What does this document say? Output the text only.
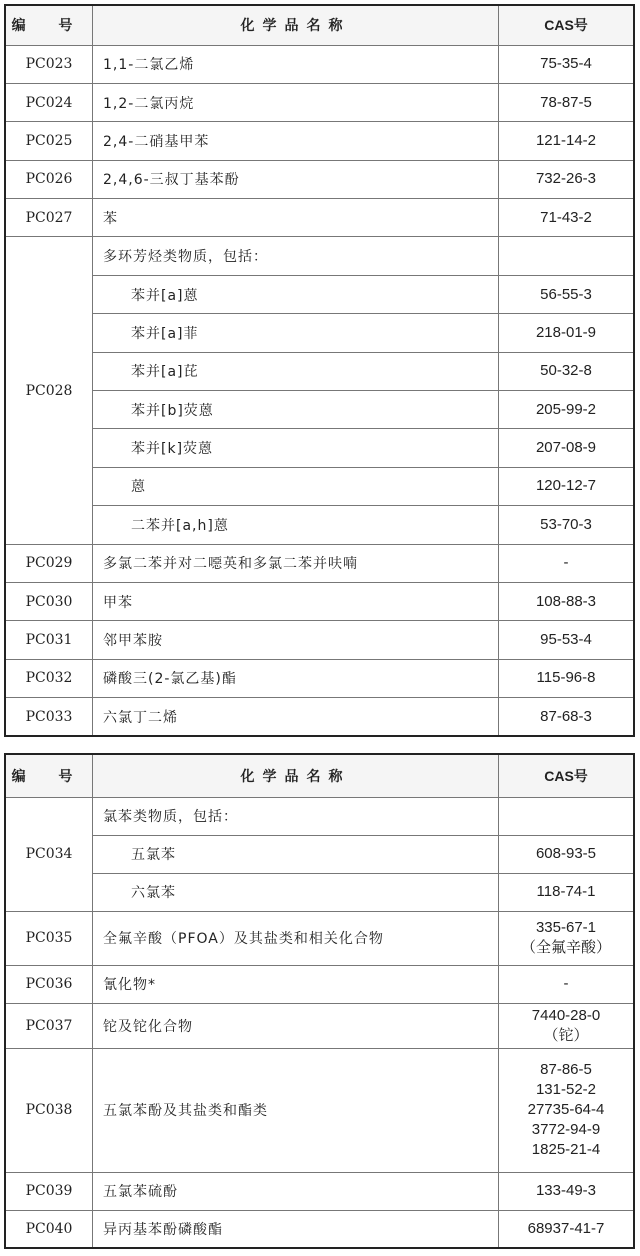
编 号	化学品名称	CAS号
PC023	1,1-二氯乙烯	75-35-4
PC024	1,2-二氯丙烷	78-87-5
PC025	2,4-二硝基甲苯	121-14-2
PC026	2,4,6-三叔丁基苯酚	732-26-3
PC027	苯	71-43-2
PC028	多环芳烃类物质，包括：	
	苯并[a]蒽	56-55-3
	苯并[a]菲	218-01-9
	苯并[a]芘	50-32-8
	苯并[b]荧蒽	205-99-2
	苯并[k]荧蒽	207-08-9
	蒽	120-12-7
	二苯并[a,h]蒽	53-70-3
PC029	多氯二苯并对二噁英和多氯二苯并呋喃	-
PC030	甲苯	108-88-3
PC031	邻甲苯胺	95-53-4
PC032	磷酸三(2-氯乙基)酯	115-96-8
PC033	六氯丁二烯	87-68-3
编 号	化学品名称	CAS号
PC034	氯苯类物质，包括：	
	五氯苯	608-93-5
	六氯苯	118-74-1
PC035	全氟辛酸（PFOA）及其盐类和相关化合物	335-67-1
（全氟辛酸）

PC036	氰化物*	-

PC037	铊及铊化合物	7440-28-0
（铊）

PC038	五氯苯酚及其盐类和酯类	87-86-5
131-52-2
27735-64-4
3772-94-9
1825-21-4

PC039	五氯苯硫酚	133-49-3

PC040	异丙基苯酚磷酸酯	68937-41-7
